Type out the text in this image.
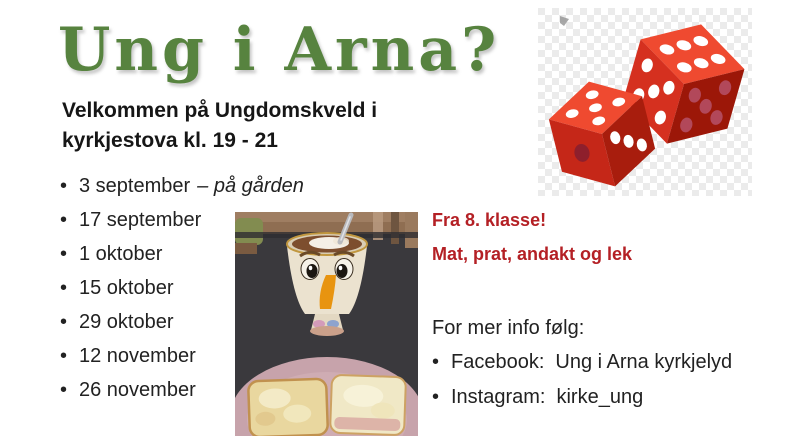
Ung i Arna?
Velkommen på Ungdomskveld i
kyrkjestova kl. 19 - 21
• 3 september – på gården
• 17 september
• 1 oktober
• 15 oktober
• 29 oktober
• 12 november
• 26 november
Fra 8. klasse!
Mat, prat, andakt og lek
For mer info følg:
• Facebook: Ung i Arna kyrkjelyd
• Instagram: kirke_ung
